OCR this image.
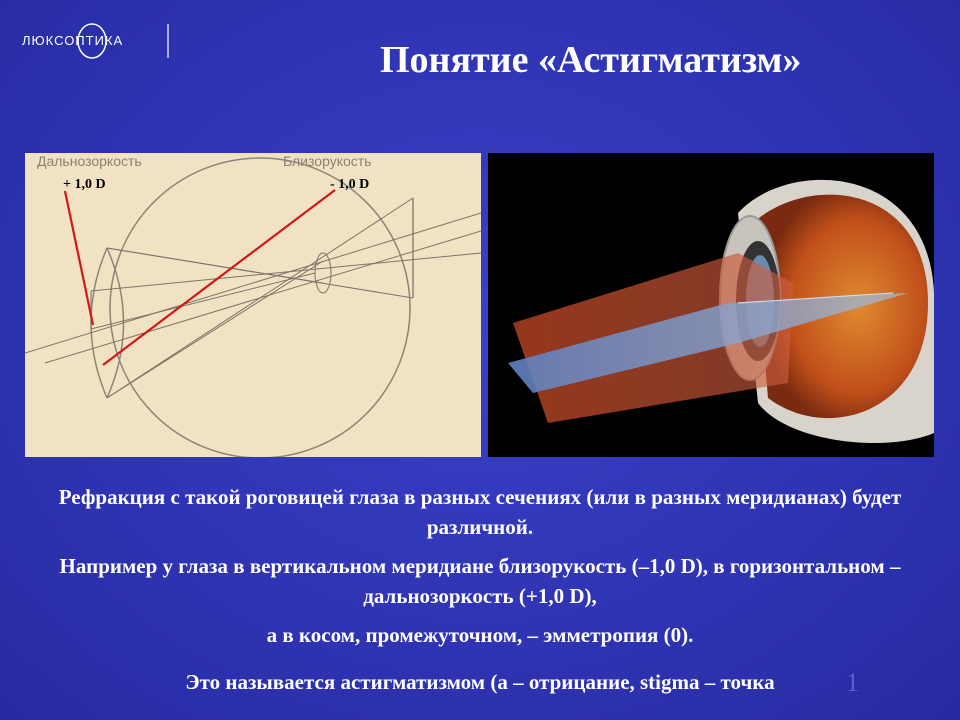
ЛЮКСОПТИКА	Понятие «Астигматизм»
Дальнозоркость	Близорукость
+ 1,0 D	- 1,0 D
Рефракция с такой роговицей глаза в разных сечениях (или в разных меридианах) будет различной.
Например у глаза в вертикальном меридиане близорукость (–1,0 D), в горизонтальном – дальнозоркость (+1,0 D),
а в косом, промежуточном, – эмметропия (0).
Это называется астигматизмом (а – отрицание, stigma – точка	1
